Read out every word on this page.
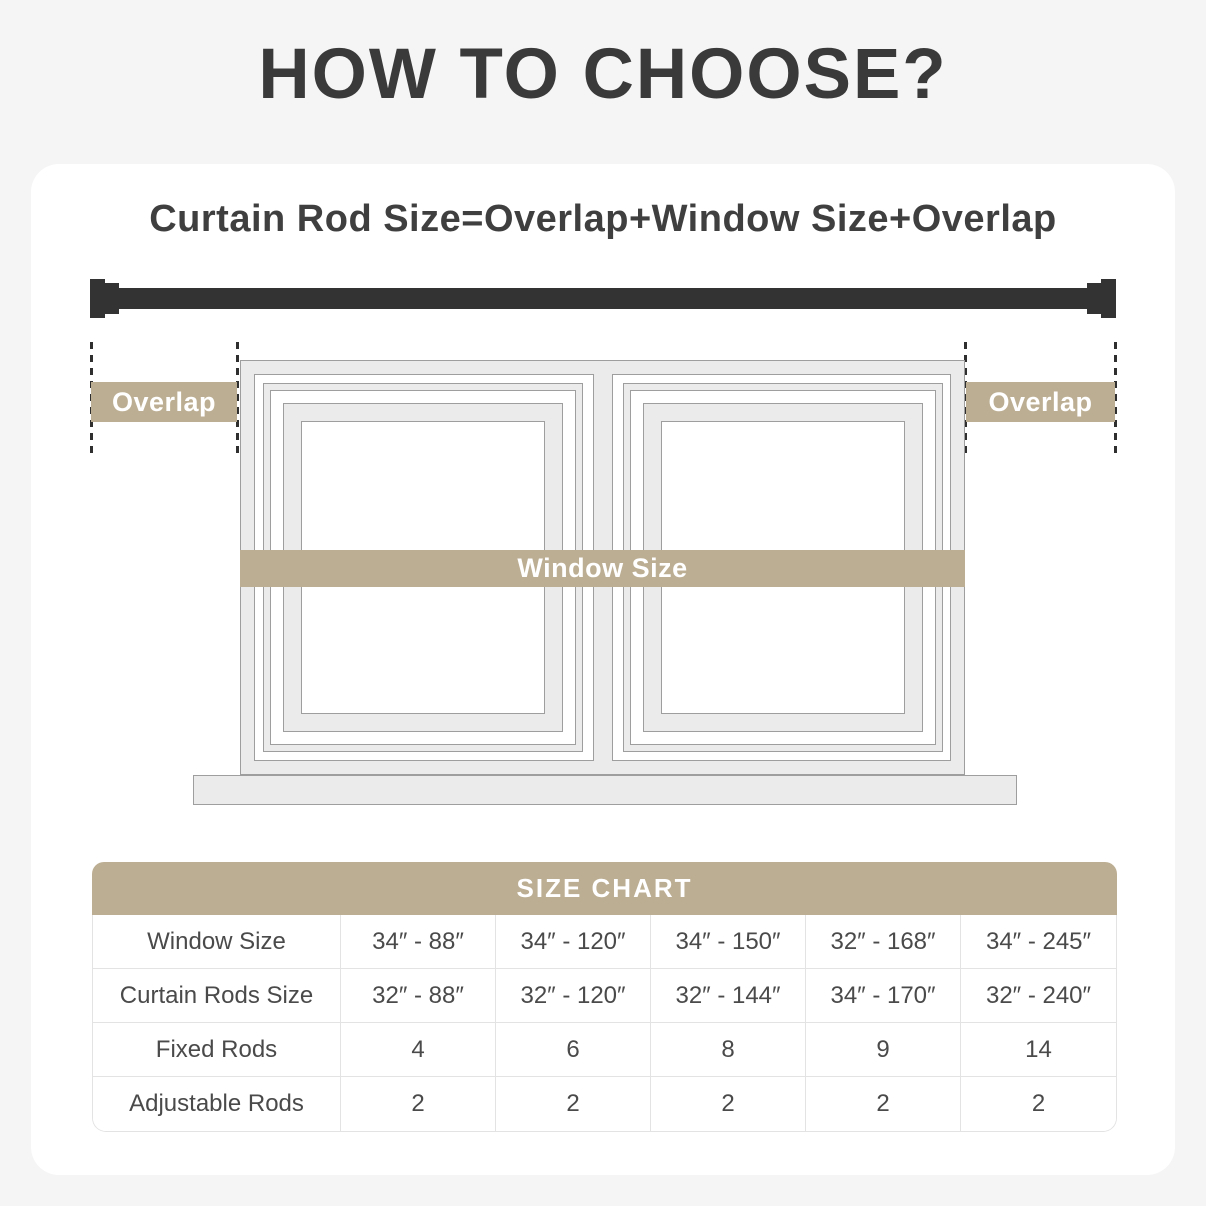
HOW TO CHOOSE?
Curtain Rod Size=Overlap+Window Size+Overlap
Overlap	Overlap
Window Size
SIZE CHART
Window Size	34″ - 88″	34″ - 120″	34″ - 150″	32″ - 168″	34″ - 245″
Curtain Rods Size	32″ - 88″	32″ - 120″	32″ - 144″	34″ - 170″	32″ - 240″
Fixed Rods	4	6	8	9	14
Adjustable Rods	2	2	2	2	2
